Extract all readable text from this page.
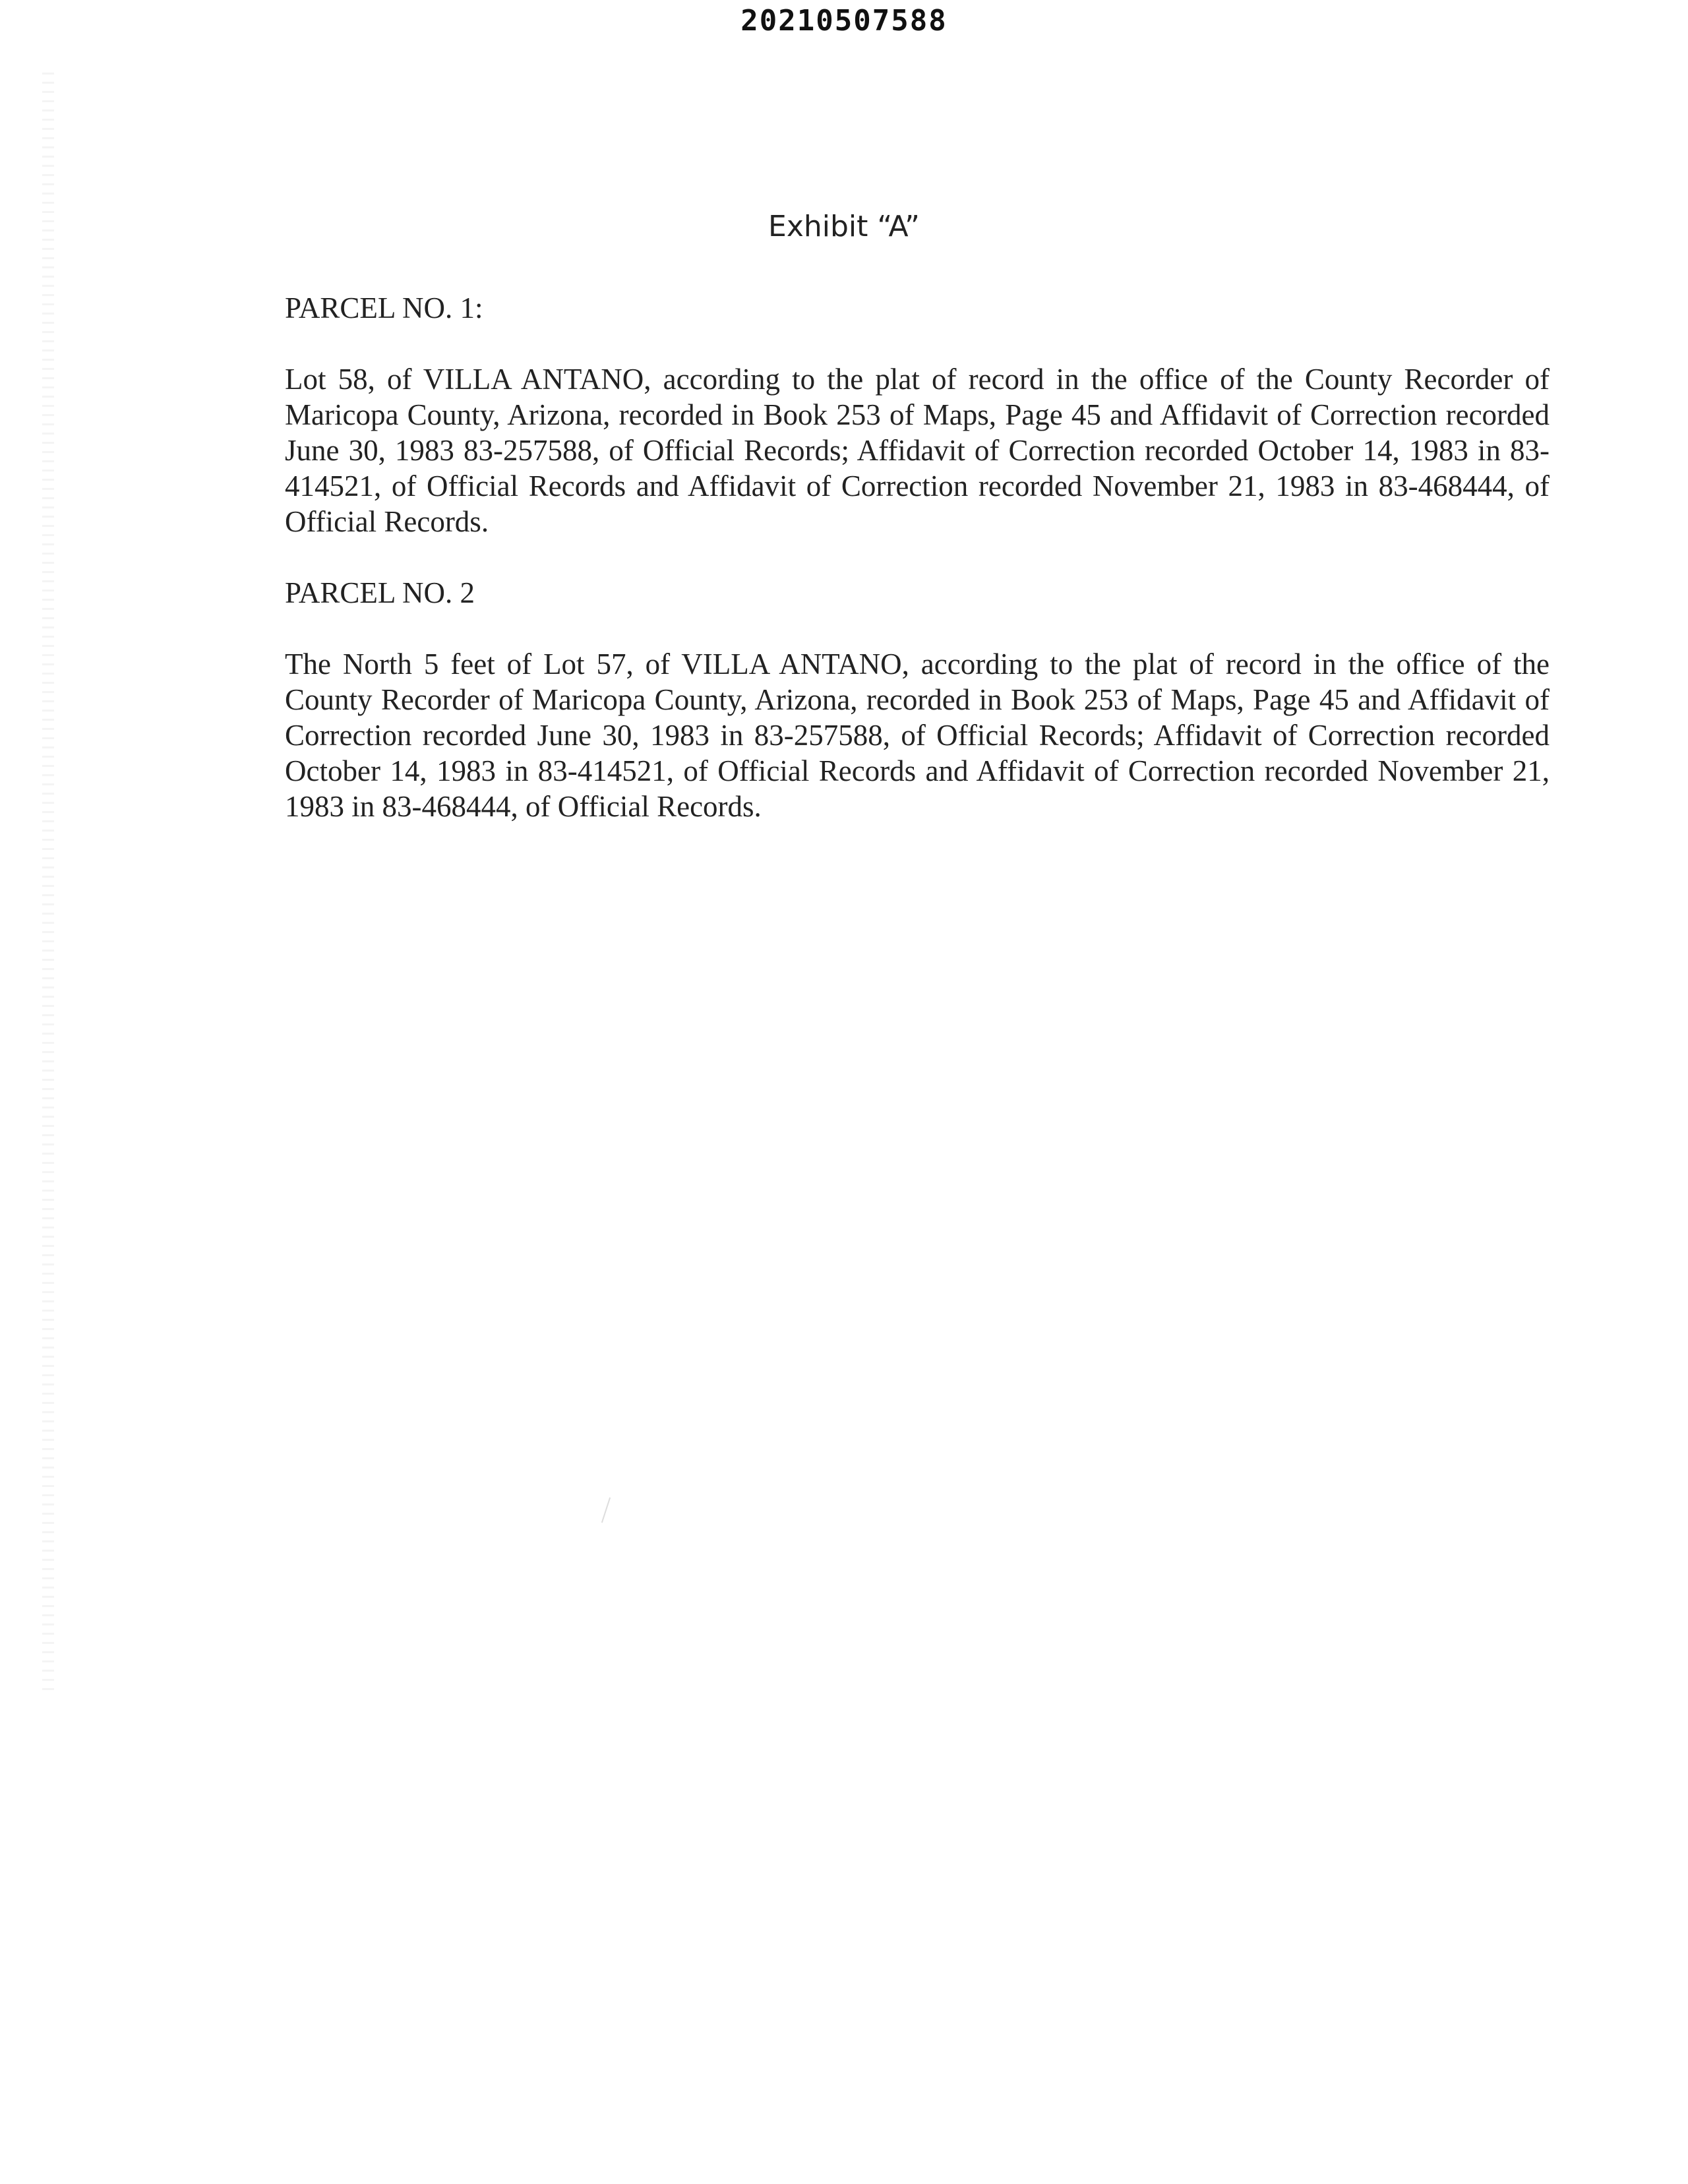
20210507588
Exhibit “A”
PARCEL NO. 1:

Lot 58, of VILLA ANTANO, according to the plat of record in the office of the County Recorder of Maricopa County, Arizona, recorded in Book 253 of Maps, Page 45 and Affidavit of Correction recorded June 30, 1983 83-257588, of Official Records; Affidavit of Correction recorded October 14, 1983 in 83-414521, of Official Records and Affidavit of Correction recorded November 21, 1983 in 83-468444, of Official Records.

PARCEL NO. 2

The North 5 feet of Lot 57, of VILLA ANTANO, according to the plat of record in the office of the County Recorder of Maricopa County, Arizona, recorded in Book 253 of Maps, Page 45 and Affidavit of Correction recorded June 30, 1983 in 83-257588, of Official Records; Affidavit of Correction recorded October 14, 1983 in 83-414521, of Official Records and Affidavit of Correction recorded November 21, 1983 in 83-468444, of Official Records.
